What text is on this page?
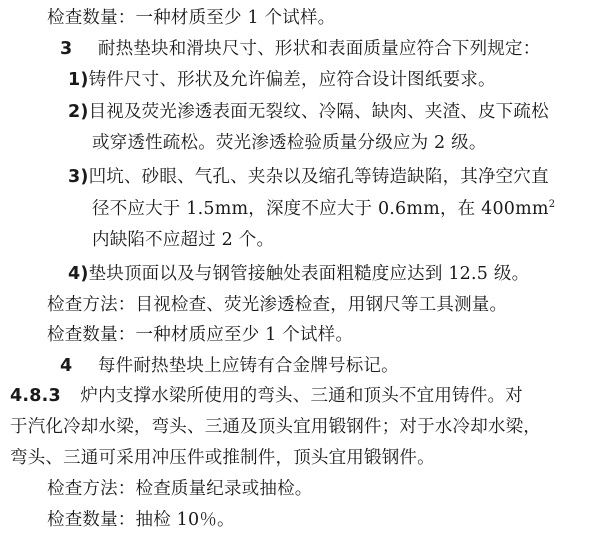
检查数量：一种材质至少 1 个试样。
3 耐热垫块和滑块尺寸、形状和表面质量应符合下列规定：
1)铸件尺寸、形状及允许偏差，应符合设计图纸要求。
2)目视及荧光渗透表面无裂纹、冷隔、缺肉、夹渣、皮下疏松
或穿透性疏松。荧光渗透检验质量分级应为 2 级。
3)凹坑、砂眼、气孔、夹杂以及缩孔等铸造缺陷，其净空穴直
径不应大于 1.5mm，深度不应大于 0.6mm，在 $400mm^2$
内缺陷不应超过 2 个。
4)垫块顶面以及与钢管接触处表面粗糙度应达到 12.5 级。
检查方法：目视检查、荧光渗透检查，用钢尺等工具测量。
检查数量：一种材质应至少 1 个试样。
4 每件耐热垫块上应铸有合金牌号标记。
4.8.3 炉内支撑水梁所使用的弯头、三通和顶头不宜用铸件。对
于汽化冷却水梁，弯头、三通及顶头宜用锻钢件；对于水冷却水梁，
弯头、三通可采用冲压件或推制件，顶头宜用锻钢件。
检查方法：检查质量纪录或抽检。
检查数量：抽检 10％。
